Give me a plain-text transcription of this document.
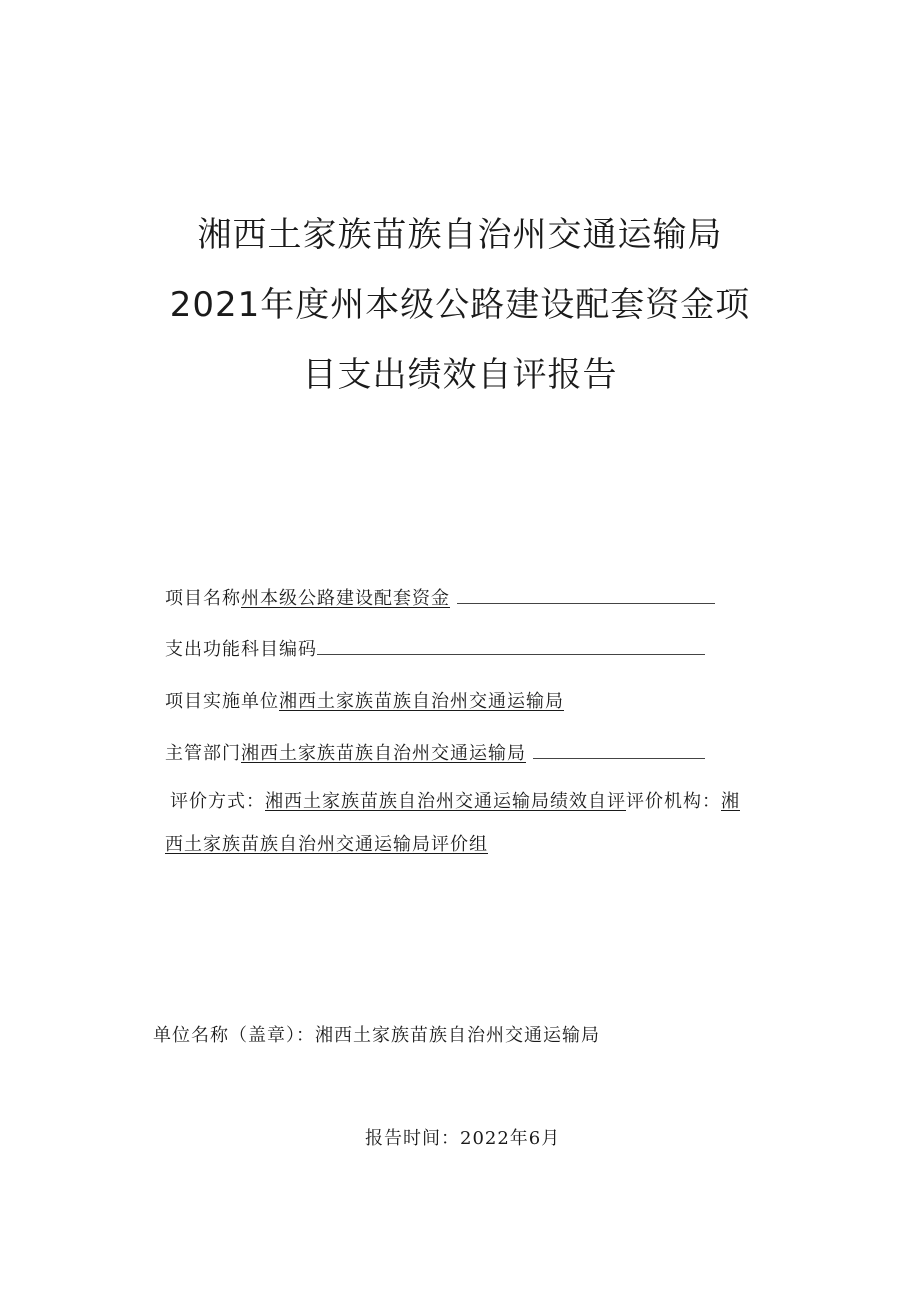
湘西土家族苗族自治州交通运输局
2021年度州本级公路建设配套资金项
目支出绩效自评报告
项目名称州本级公路建设配套资金
支出功能科目编码
项目实施单位湘西土家族苗族自治州交通运输局
主管部门湘西土家族苗族自治州交通运输局
评价方式：湘西土家族苗族自治州交通运输局绩效自评评价机构：湘
西土家族苗族自治州交通运输局评价组
单位名称（盖章）：湘西土家族苗族自治州交通运输局
报告时间：2022年6月
